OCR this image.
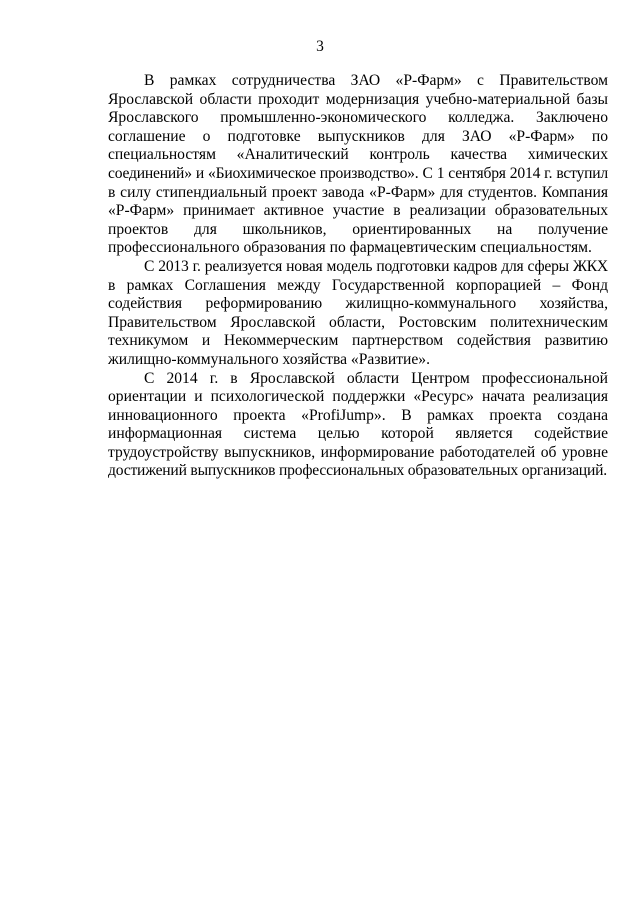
3

В рамках сотрудничества ЗАО «Р-Фарм» с Правительством
Ярославской области проходит модернизация учебно-материальной базы
Ярославского промышленно-экономического колледжа. Заключено
соглашение о подготовке выпускников для ЗАО «Р-Фарм» по
специальностям «Аналитический контроль качества химических
соединений» и «Биохимическое производство». С 1 сентября 2014 г. вступил
в силу стипендиальный проект завода «Р-Фарм» для студентов. Компания
«Р-Фарм» принимает активное участие в реализации образовательных
проектов для школьников, ориентированных на получение
профессионального образования по фармацевтическим специальностям.

С 2013 г. реализуется новая модель подготовки кадров для сферы ЖКХ
в рамках Соглашения между Государственной корпорацией – Фонд
содействия реформированию жилищно-коммунального хозяйства,
Правительством Ярославской области, Ростовским политехническим
техникумом и Некоммерческим партнерством содействия развитию
жилищно-коммунального хозяйства «Развитие».

С 2014 г. в Ярославской области Центром профессиональной
ориентации и психологической поддержки «Ресурс» начата реализация
инновационного проекта «ProfiJump». В рамках проекта создана
информационная система целью которой является содействие
трудоустройству выпускников, информирование работодателей об уровне
достижений выпускников профессиональных образовательных организаций.
